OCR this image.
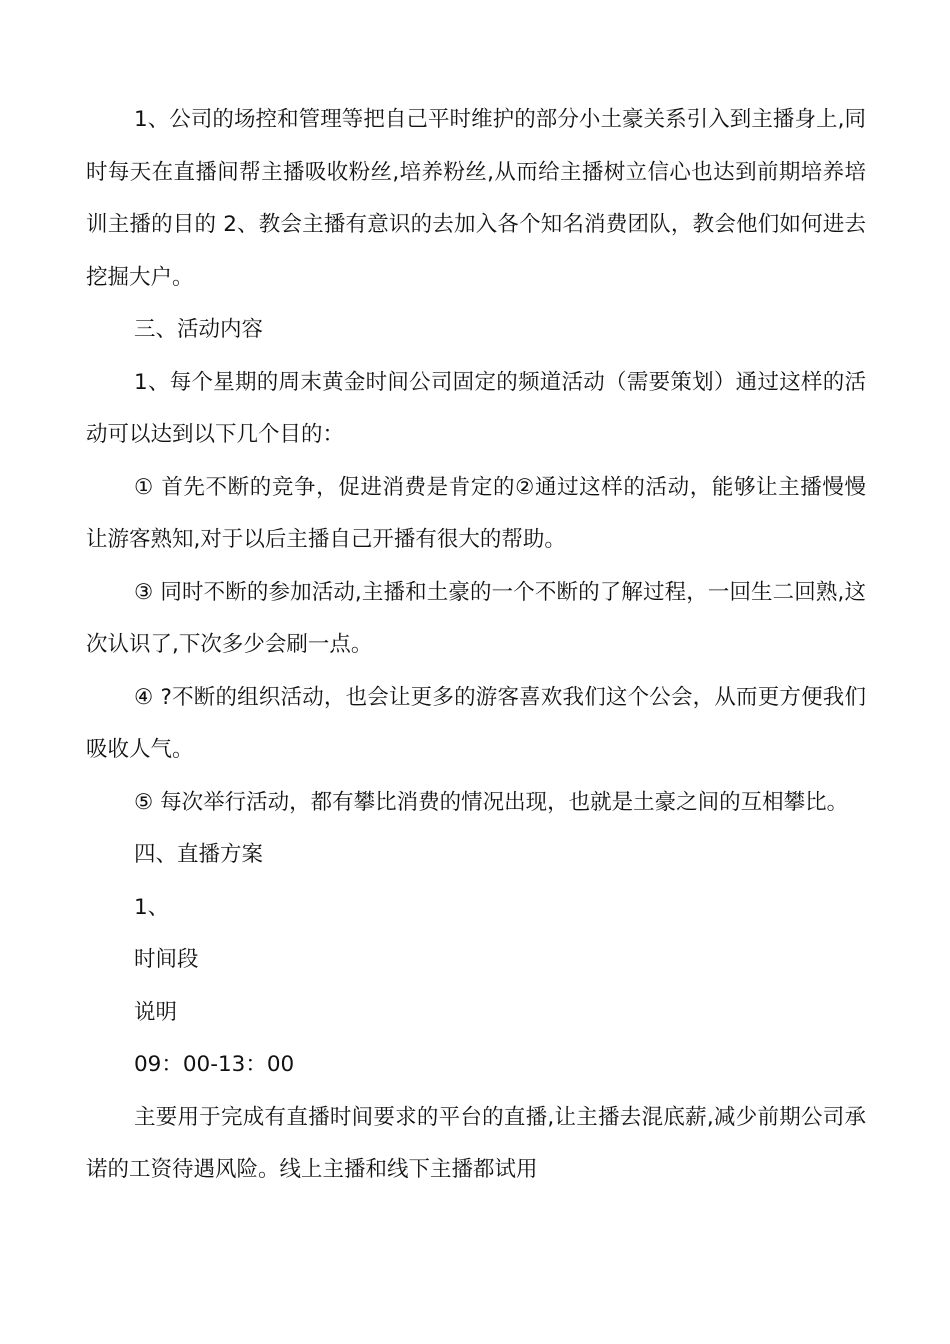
1、公司的场控和管理等把自己平时维护的部分小土豪关系引入到主播身上,同时每天在直播间帮主播吸收粉丝,培养粉丝,从而给主播树立信心也达到前期培养培训主播的目的 2、教会主播有意识的去加入各个知名消费团队，教会他们如何进去挖掘大户。

三、活动内容

1、每个星期的周末黄金时间公司固定的频道活动（需要策划）通过这样的活动可以达到以下几个目的：

① 首先不断的竞争，促进消费是肯定的②通过这样的活动，能够让主播慢慢让游客熟知,对于以后主播自己开播有很大的帮助。

③ 同时不断的参加活动,主播和土豪的一个不断的了解过程，一回生二回熟,这次认识了,下次多少会刷一点。

④ ?不断的组织活动，也会让更多的游客喜欢我们这个公会，从而更方便我们吸收人气。

⑤ 每次举行活动，都有攀比消费的情况出现，也就是土豪之间的互相攀比。

四、直播方案

1、

时间段

说明

09：00-13：00

主要用于完成有直播时间要求的平台的直播,让主播去混底薪,减少前期公司承诺的工资待遇风险。线上主播和线下主播都试用
